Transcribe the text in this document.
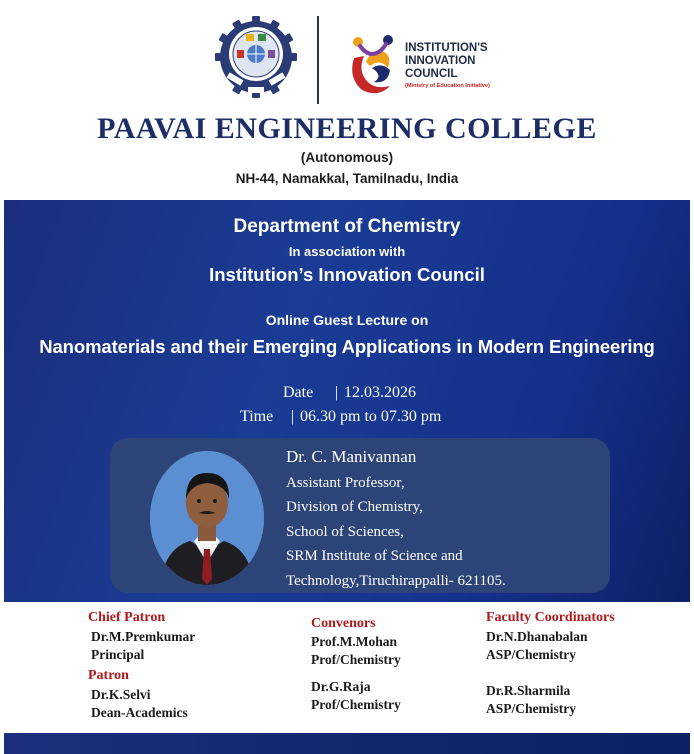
INSTITUTION'S
INNOVATION
COUNCIL
(Ministry of Education Initiative)
PAAVAI ENGINEERING COLLEGE
(Autonomous)
NH-44, Namakkal, Tamilnadu, India
Department of Chemistry
In association with
Institution’s Innovation Council
Online Guest Lecture on
Nanomaterials and their Emerging Applications in Modern Engineering
Date | 12.03.2026
Time | 06.30 pm to 07.30 pm
Dr. C. Manivannan
Assistant Professor,
Division of Chemistry,
School of Sciences,
SRM Institute of Science and
Technology,Tiruchirappalli- 621105.
Chief Patron
Dr.M.Premkumar
Principal
Patron
Dr.K.Selvi
Dean-Academics
Convenors
Prof.M.Mohan
Prof/Chemistry
Dr.G.Raja
Prof/Chemistry
Faculty Coordinators
Dr.N.Dhanabalan
ASP/Chemistry
Dr.R.Sharmila
ASP/Chemistry
